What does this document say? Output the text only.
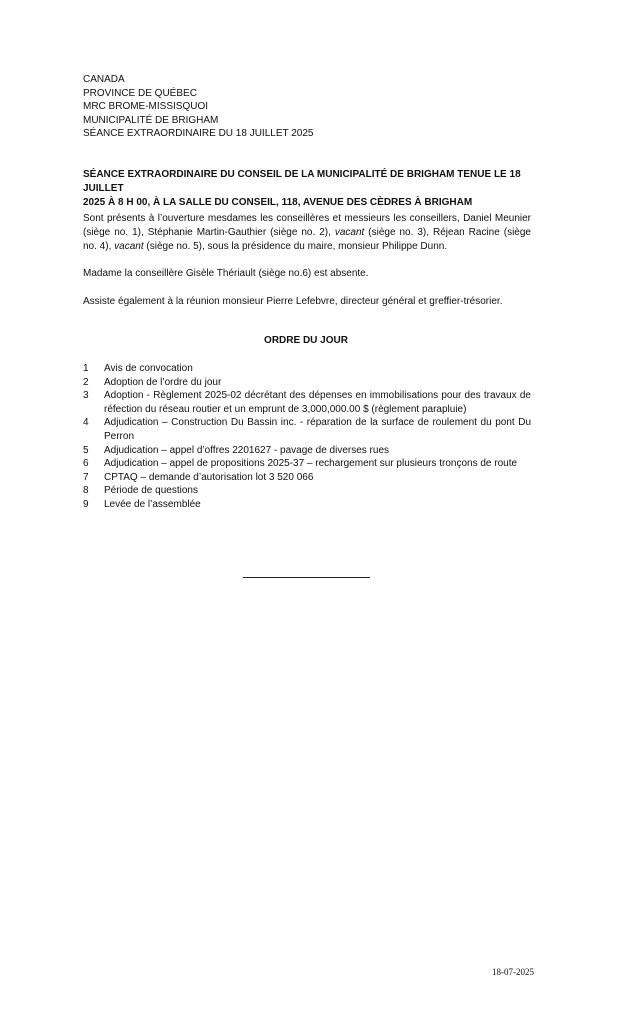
CANADA
PROVINCE DE QUÉBEC
MRC BROME-MISSISQUOI
MUNICIPALITÉ DE BRIGHAM
SÉANCE EXTRAORDINAIRE DU 18 JUILLET 2025
SÉANCE EXTRAORDINAIRE DU CONSEIL DE LA MUNICIPALITÉ DE BRIGHAM TENUE LE 18 JUILLET
2025 À 8 H 00, À LA SALLE DU CONSEIL, 118, AVENUE DES CÈDRES À BRIGHAM
Sont présents à l’ouverture mesdames les conseillères et messieurs les conseillers, Daniel Meunier (siège no. 1), Stéphanie Martin-Gauthier (siège no. 2), vacant (siège no. 3), Réjean Racine (siège no. 4), vacant (siège no. 5), sous la présidence du maire, monsieur Philippe Dunn.
Madame la conseillère Gisèle Thériault (siège no.6) est absente.
Assiste également à la réunion monsieur Pierre Lefebvre, directeur général et greffier-trésorier.
ORDRE DU JOUR
1	Avis de convocation
2	Adoption de l’ordre du jour
3	Adoption - Règlement 2025-02 décrétant des dépenses en immobilisations pour des travaux de réfection du réseau routier et un emprunt de 3,000,000.00 $ (règlement parapluie)
4	Adjudication – Construction Du Bassin inc. - réparation de la surface de roulement du pont Du Perron
5	Adjudication – appel d’offres 2201627 - pavage de diverses rues
6	Adjudication – appel de propositions 2025-37 – rechargement sur plusieurs tronçons de route
7	CPTAQ – demande d’autorisation lot 3 520 066
8	Période de questions
9	Levée de l’assemblée
18-07-2025
